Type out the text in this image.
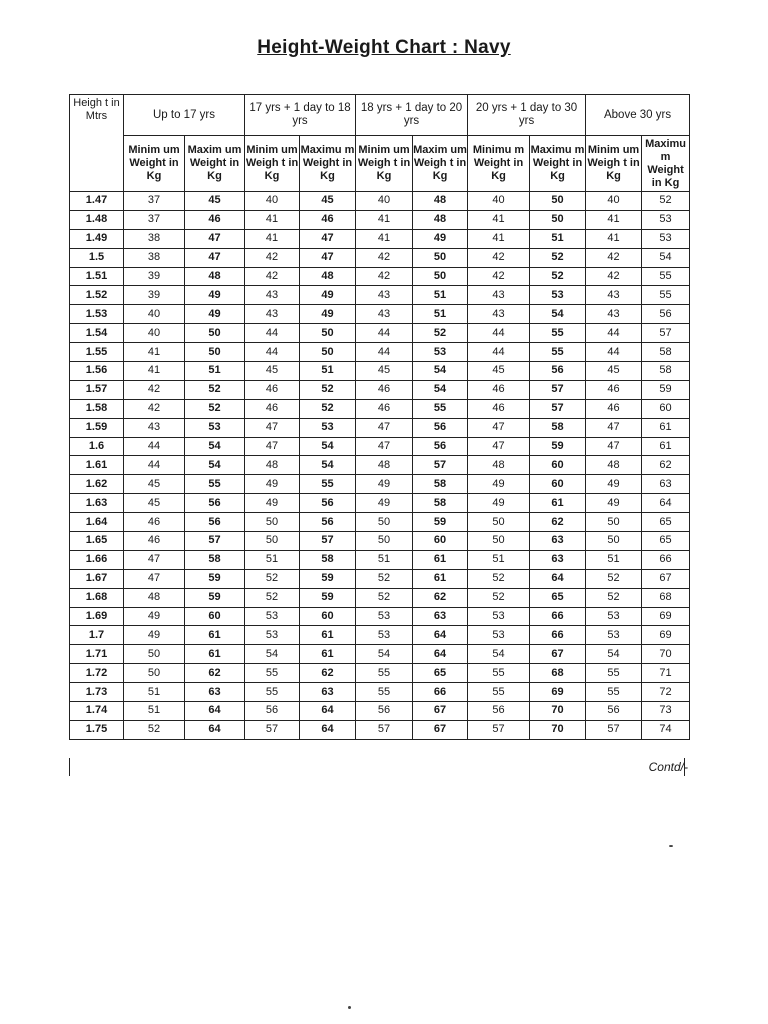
Height-Weight Chart : Navy
Heigh t in Mtrs	Up to 17 yrs		17 yrs + 1 day to 18 yrs		18 yrs + 1 day to 20 yrs		20 yrs + 1 day to 30 yrs		Above 30 yrs	
	Minim um Weight in Kg	Maxim um Weight in Kg	Minim um Weigh t in Kg	Maximu m Weight in Kg	Minim um Weigh t in Kg	Maxim um Weigh t in Kg	Minimu m Weight in Kg	Maximu m Weight in Kg	Minim um Weigh t in Kg	Maximu m Weight in Kg
1.47	37	45	40	45	40	48	40	50	40	52
1.48	37	46	41	46	41	48	41	50	41	53
1.49	38	47	41	47	41	49	41	51	41	53
1.5	38	47	42	47	42	50	42	52	42	54
1.51	39	48	42	48	42	50	42	52	42	55
1.52	39	49	43	49	43	51	43	53	43	55
1.53	40	49	43	49	43	51	43	54	43	56
1.54	40	50	44	50	44	52	44	55	44	57
1.55	41	50	44	50	44	53	44	55	44	58
1.56	41	51	45	51	45	54	45	56	45	58
1.57	42	52	46	52	46	54	46	57	46	59
1.58	42	52	46	52	46	55	46	57	46	60
1.59	43	53	47	53	47	56	47	58	47	61
1.6	44	54	47	54	47	56	47	59	47	61
1.61	44	54	48	54	48	57	48	60	48	62
1.62	45	55	49	55	49	58	49	60	49	63
1.63	45	56	49	56	49	58	49	61	49	64
1.64	46	56	50	56	50	59	50	62	50	65
1.65	46	57	50	57	50	60	50	63	50	65
1.66	47	58	51	58	51	61	51	63	51	66
1.67	47	59	52	59	52	61	52	64	52	67
1.68	48	59	52	59	52	62	52	65	52	68
1.69	49	60	53	60	53	63	53	66	53	69
1.7	49	61	53	61	53	64	53	66	53	69
1.71	50	61	54	61	54	64	54	67	54	70
1.72	50	62	55	62	55	65	55	68	55	71
1.73	51	63	55	63	55	66	55	69	55	72
1.74	51	64	56	64	56	67	56	70	56	73
1.75	52	64	57	64	57	67	57	70	57	74
Contd/-
